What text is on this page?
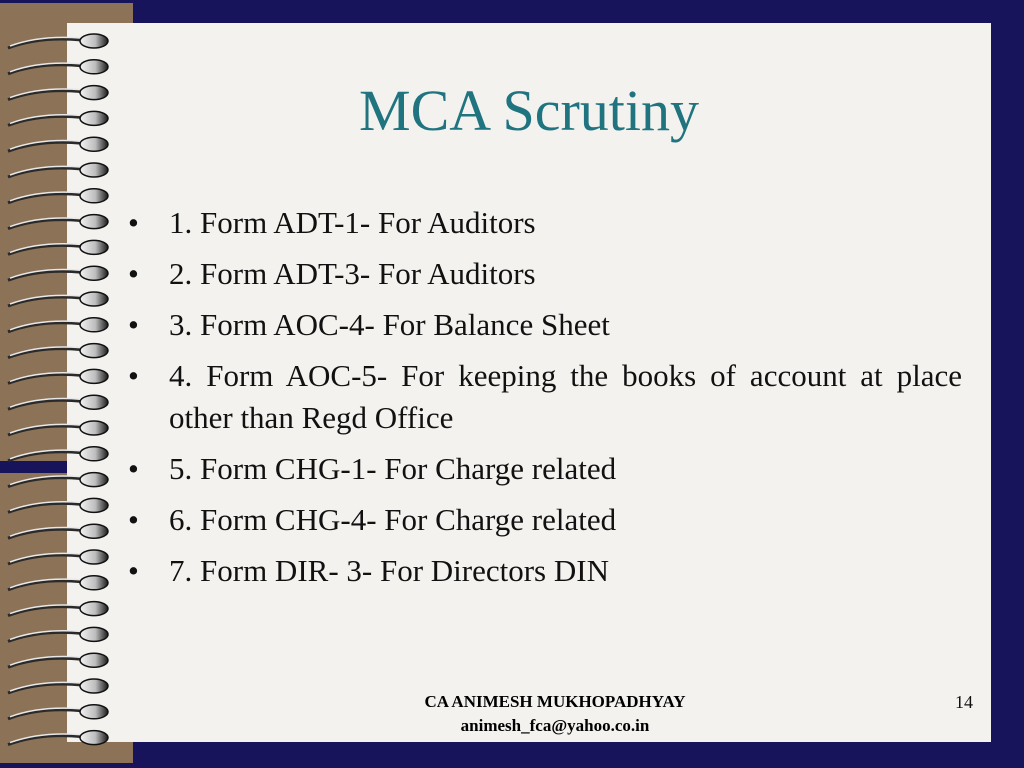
MCA Scrutiny
• 1. Form ADT-1- For Auditors
• 2. Form ADT-3- For Auditors
• 3. Form AOC-4- For Balance Sheet
• 4. Form AOC-5- For keeping the books of account at place other than Regd Office
• 5. Form CHG-1- For Charge related
• 6. Form CHG-4- For Charge related
• 7. Form DIR- 3- For Directors DIN
CA ANIMESH MUKHOPADHYAY
animesh_fca@yahoo.co.in
14
